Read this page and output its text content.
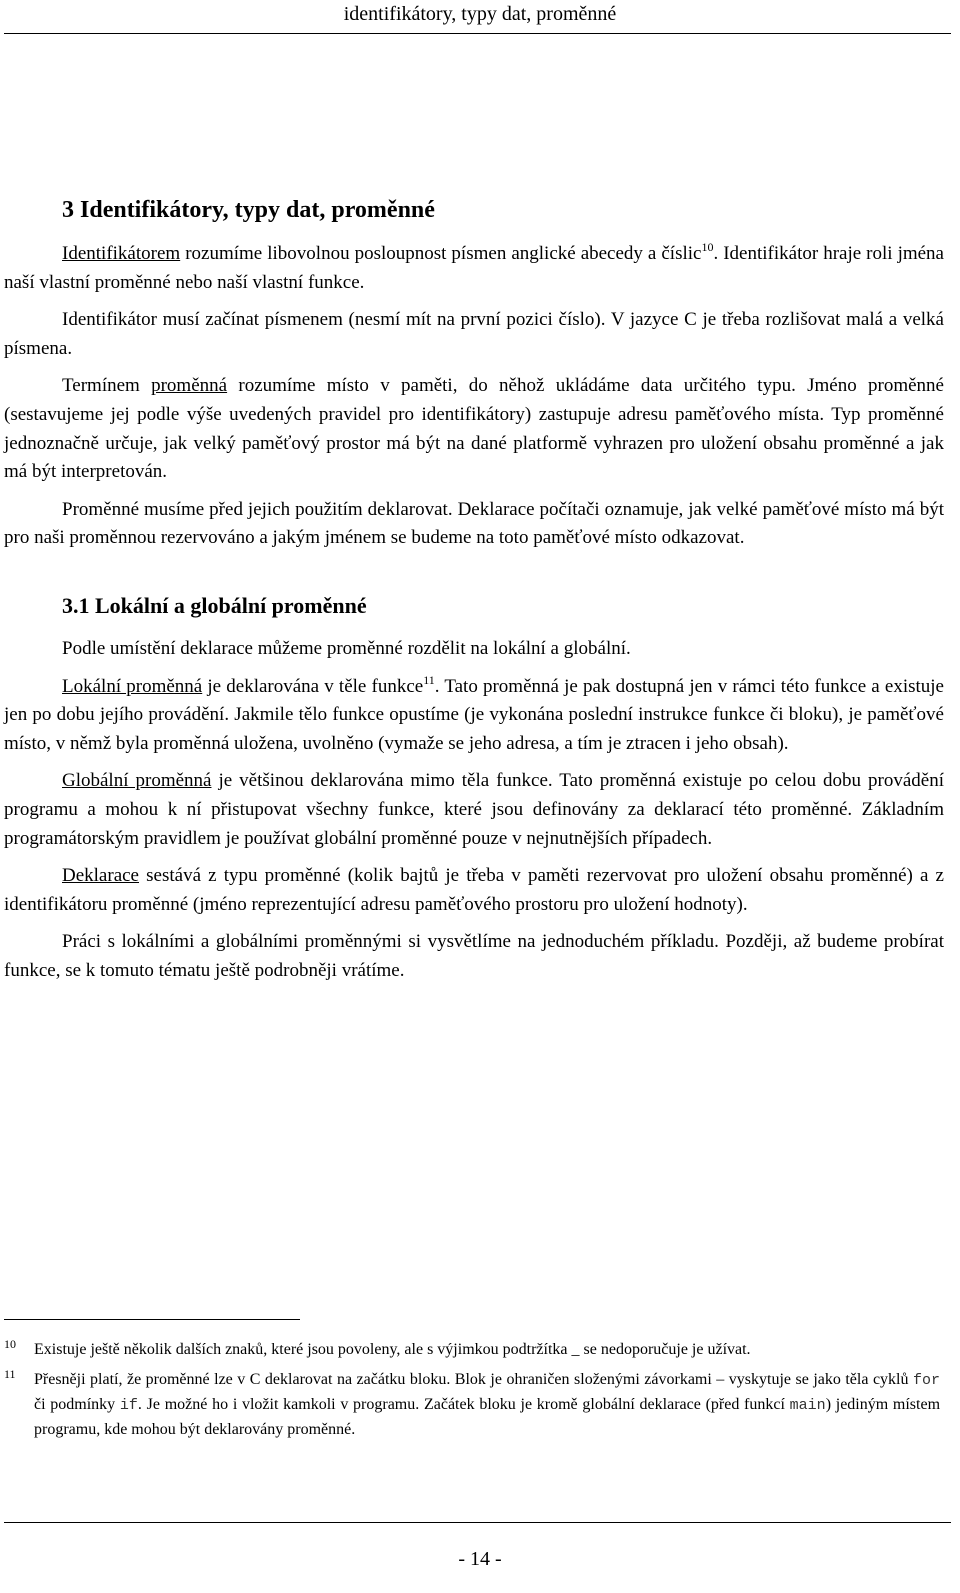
identifikátory, typy dat, proměnné
3 Identifikátory, typy dat, proměnné

Identifikátorem rozumíme libovolnou posloupnost písmen anglické abecedy a číslic$^{10}$. Identifikátor hraje roli jména naší vlastní proměnné nebo naší vlastní funkce.

Identifikátor musí začínat písmenem (nesmí mít na první pozici číslo). V jazyce C je třeba rozlišovat malá a velká písmena.

Termínem proměnná rozumíme místo v paměti, do něhož ukládáme data určitého typu. Jméno proměnné (sestavujeme jej podle výše uvedených pravidel pro identifikátory) zastupuje adresu paměťového místa. Typ proměnné jednoznačně určuje, jak velký paměťový prostor má být na dané platformě vyhrazen pro uložení obsahu proměnné a jak má být interpretován.

Proměnné musíme před jejich použitím deklarovat. Deklarace počítači oznamuje, jak velké paměťové místo má být pro naši proměnnou rezervováno a jakým jménem se budeme na toto paměťové místo odkazovat.

3.1 Lokální a globální proměnné

Podle umístění deklarace můžeme proměnné rozdělit na lokální a globální.

Lokální proměnná je deklarována v těle funkce$^{11}$. Tato proměnná je pak dostupná jen v rámci této funkce a existuje jen po dobu jejího provádění. Jakmile tělo funkce opustíme (je vykonána poslední instrukce funkce či bloku), je paměťové místo, v němž byla proměnná uložena, uvolněno (vymaže se jeho adresa, a tím je ztracen i jeho obsah).

Globální proměnná je většinou deklarována mimo těla funkce. Tato proměnná existuje po celou dobu provádění programu a mohou k ní přistupovat všechny funkce, které jsou definovány za deklarací této proměnné. Základním programátorským pravidlem je používat globální proměnné pouze v nejnutnějších případech.

Deklarace sestává z typu proměnné (kolik bajtů je třeba v paměti rezervovat pro uložení obsahu proměnné) a z identifikátoru proměnné (jméno reprezentující adresu paměťového prostoru pro uložení hodnoty).

Práci s lokálními a globálními proměnnými si vysvětlíme na jednoduchém příkladu. Později, až budeme probírat funkce, se k tomuto tématu ještě podrobněji vrátíme.

10 Existuje ještě několik dalších znaků, které jsou povoleny, ale s výjimkou podtržítka _ se nedoporučuje je užívat.
11 Přesněji platí, že proměnné lze v C deklarovat na začátku bloku. Blok je ohraničen složenými závorkami – vyskytuje se jako těla cyklů for či podmínky if. Je možné ho i vložit kamkoli v programu. Začátek bloku je kromě globální deklarace (před funkcí main) jediným místem programu, kde mohou být deklarovány proměnné.
- 14 -
